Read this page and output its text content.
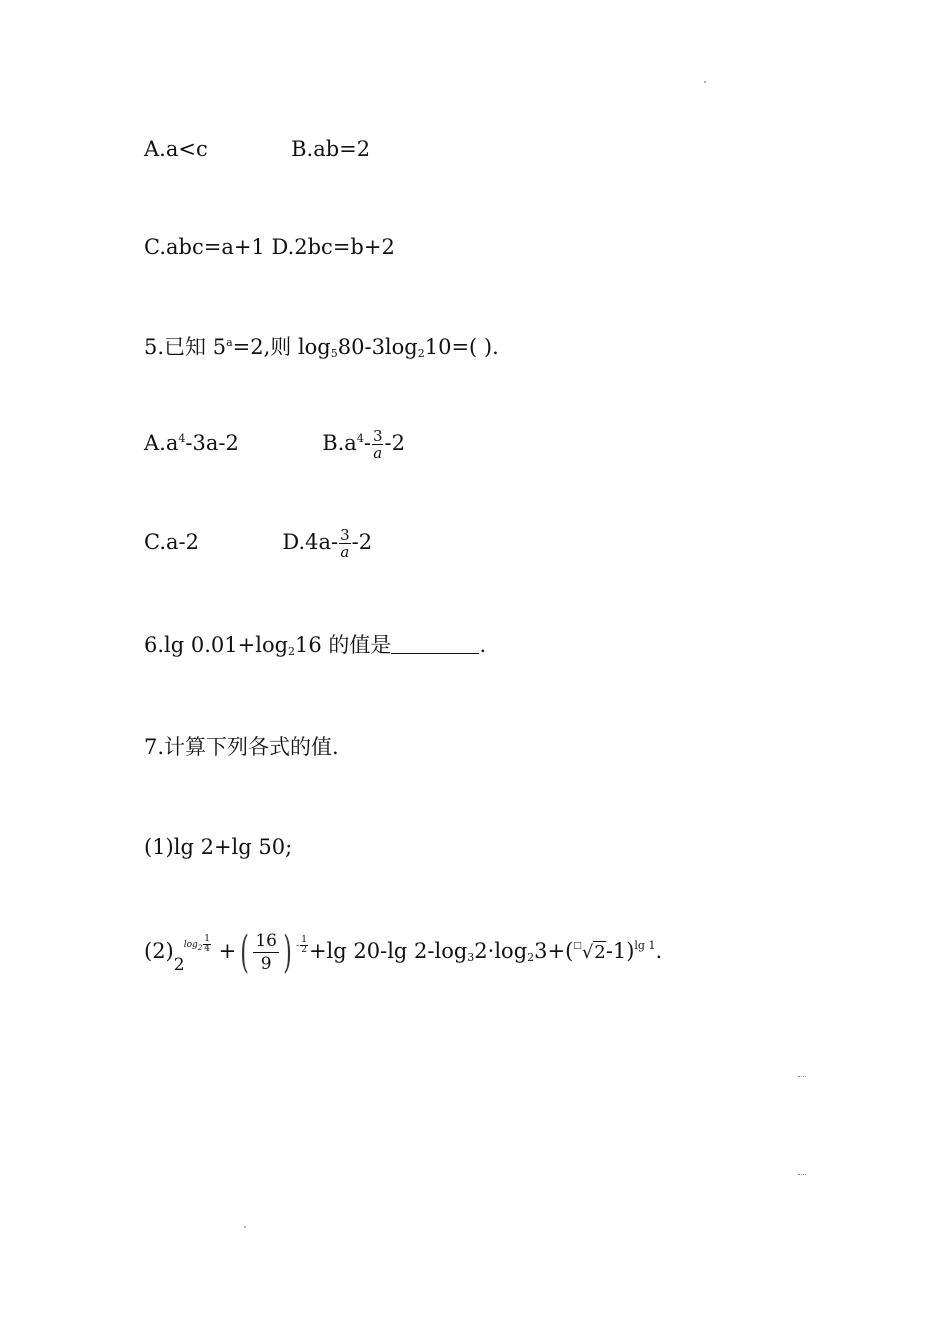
A.a<c	B.ab=2
C.abc=a+1 D.2bc=b+2
5.已知 $5^a=2$,则 $\log_580-3\log_210=$( ).
$A.a^4-3a-2$	$B.a^4- \frac{3}{a} -2$
C.a-2	$D.4a- \frac{3}{a} -2$
6.lg $0.01+\log_216$ 的值是	.
7.计算下列各式的值.
(1)lg 2+lg 50;
(2)2
$\log_2 \frac{1}{4}$ +( $\frac{16}{9}$ ) - $\frac{1}{2} +\lg$ 20-lg $2-\log_32\cdot\log_23+(^□√2-1)^{lg 1}$.
